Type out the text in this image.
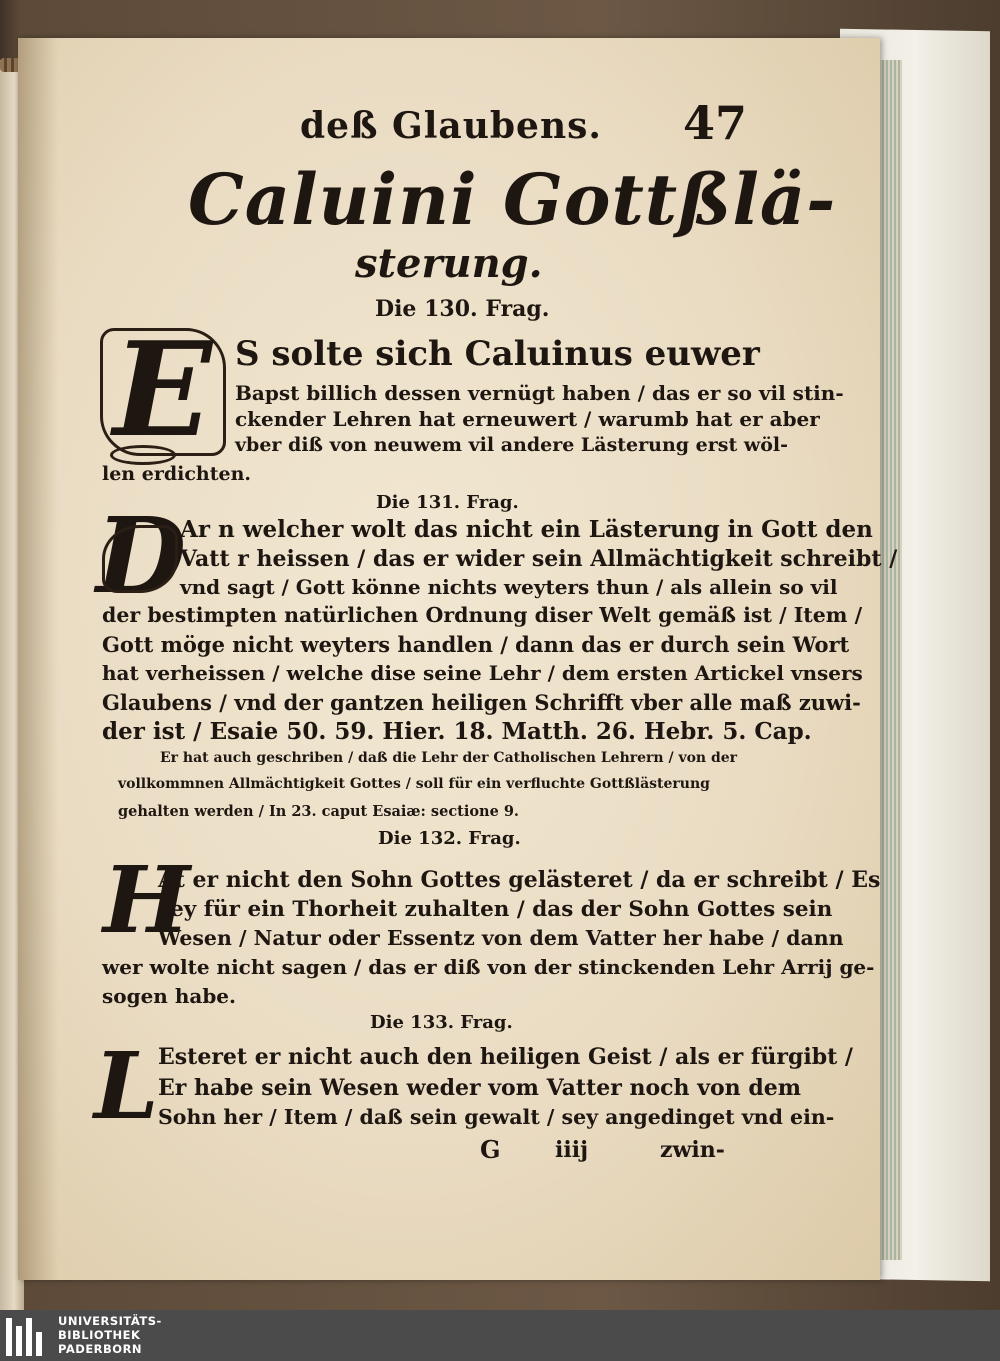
deß Glaubens. 47
Caluini Gottßlä-
sterung.
Die 130. Frag.
E S solte sich Caluinus euwer
Bapst billich dessen vernügt haben / das er so vil stin-
ckender Lehren hat erneuwert / warumb hat er aber
vber diß von neuwem vil andere Lästerung erst wöl-
len erdichten.
Die 131. Frag.
D
Ar n welcher wolt das nicht ein Lästerung in Gott den
Vatt r heissen / das er wider sein Allmächtigkeit schreibt /
vnd sagt / Gott könne nichts weyters thun / als allein so vil
der bestimpten natürlichen Ordnung diser Welt gemäß ist / Item /
Gott möge nicht weyters handlen / dann das er durch sein Wort
hat verheissen / welche dise seine Lehr / dem ersten Artickel vnsers
Glaubens / vnd der gantzen heiligen Schrifft vber alle maß zuwi-
der ist / Esaie 50. 59. Hier. 18. Matth. 26. Hebr. 5. Cap.
Er hat auch geschriben / daß die Lehr der Catholischen Lehrern / von der
vollkommnen Allmächtigkeit Gottes / soll für ein verfluchte Gottßlästerung
gehalten werden / In 23. caput Esaiæ: sectione 9.
Die 132. Frag.
H
At er nicht den Sohn Gottes gelästeret / da er schreibt / Es
sey für ein Thorheit zuhalten / das der Sohn Gottes sein
Wesen / Natur oder Essentz von dem Vatter her habe / dann
wer wolte nicht sagen / das er diß von der stinckenden Lehr Arrij ge-
sogen habe.
Die 133. Frag.
L Esteret er nicht auch den heiligen Geist / als er fürgibt /
Er habe sein Wesen weder vom Vatter noch von dem
Sohn her / Item / daß sein gewalt / sey angedinget vnd ein-
G iiij	zwin-
UNIVERSITÄTS-
BIBLIOTHEK
PADERBORN
